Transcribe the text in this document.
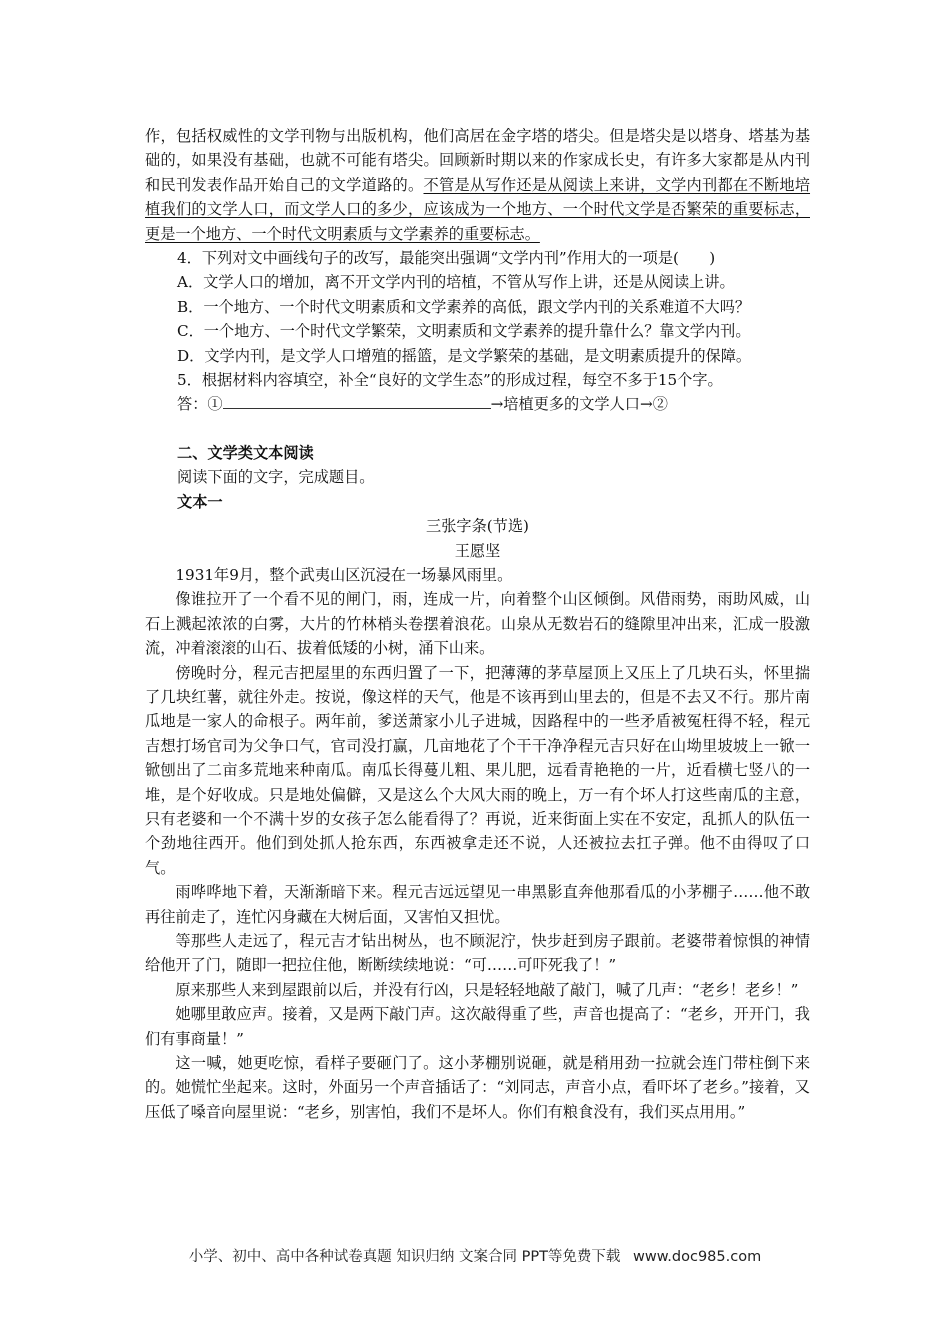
作，包括权威性的文学刊物与出版机构，他们高居在金字塔的塔尖。但是塔尖是以塔身、塔基为基础的，如果没有基础，也就不可能有塔尖。回顾新时期以来的作家成长史，有许多大家都是从内刊和民刊发表作品开始自己的文学道路的。不管是从写作还是从阅读上来讲，文学内刊都在不断地培植我们的文学人口，而文学人口的多少，应该成为一个地方、一个时代文学是否繁荣的重要标志，更是一个地方、一个时代文明素质与文学素养的重要标志。

4．下列对文中画线句子的改写，最能突出强调“文学内刊”作用大的一项是(　　)

A．文学人口的增加，离不开文学内刊的培植，不管从写作上讲，还是从阅读上讲。

B．一个地方、一个时代文明素质和文学素养的高低，跟文学内刊的关系难道不大吗？

C．一个地方、一个时代文学繁荣，文明素质和文学素养的提升靠什么？靠文学内刊。

D．文学内刊，是文学人口增殖的摇篮，是文学繁荣的基础，是文明素质提升的保障。

5．根据材料内容填空，补全“良好的文学生态”的形成过程，每空不多于15个字。

答：①	→培植更多的文学人口→②

二、文学类文本阅读

阅读下面的文字，完成题目。

文本一

三张字条(节选)

王愿坚

1931年9月，整个武夷山区沉浸在一场暴风雨里。

像谁拉开了一个看不见的闸门，雨，连成一片，向着整个山区倾倒。风借雨势，雨助风威，山石上溅起浓浓的白雾，大片的竹林梢头卷摆着浪花。山泉从无数岩石的缝隙里冲出来，汇成一股激流，冲着滚滚的山石、拔着低矮的小树，涌下山来。

傍晚时分，程元吉把屋里的东西归置了一下，把薄薄的茅草屋顶上又压上了几块石头，怀里揣了几块红薯，就往外走。按说，像这样的天气，他是不该再到山里去的，但是不去又不行。那片南瓜地是一家人的命根子。两年前，爹送萧家小儿子进城，因路程中的一些矛盾被冤枉得不轻，程元吉想打场官司为父争口气，官司没打赢，几亩地花了个干干净净程元吉只好在山坳里坡坡上一锨一锨刨出了二亩多荒地来种南瓜。南瓜长得蔓儿粗、果儿肥，远看青艳艳的一片，近看横七竖八的一堆，是个好收成。只是地处偏僻，又是这么个大风大雨的晚上，万一有个坏人打这些南瓜的主意，只有老婆和一个不满十岁的女孩子怎么能看得了？再说，近来街面上实在不安定，乱抓人的队伍一个劲地往西开。他们到处抓人抢东西，东西被拿走还不说，人还被拉去扛子弹。他不由得叹了口气。

雨哗哗地下着，天渐渐暗下来。程元吉远远望见一串黑影直奔他那看瓜的小茅棚子……他不敢再往前走了，连忙闪身藏在大树后面，又害怕又担忧。

等那些人走远了，程元吉才钻出树丛，也不顾泥泞，快步赶到房子跟前。老婆带着惊惧的神情给他开了门，随即一把拉住他，断断续续地说：“可……可吓死我了！”

原来那些人来到屋跟前以后，并没有行凶，只是轻轻地敲了敲门，喊了几声：“老乡！老乡！”

她哪里敢应声。接着，又是两下敲门声。这次敲得重了些，声音也提高了：“老乡，开开门，我们有事商量！”

这一喊，她更吃惊，看样子要砸门了。这小茅棚别说砸，就是稍用劲一拉就会连门带柱倒下来的。她慌忙坐起来。这时，外面另一个声音插话了：“刘同志，声音小点，看吓坏了老乡。”接着，又压低了嗓音向屋里说：“老乡，别害怕，我们不是坏人。你们有粮食没有，我们买点用用。”

小学、初中、高中各种试卷真题 知识归纳 文案合同 PPT等免费下载 www.doc985.com
